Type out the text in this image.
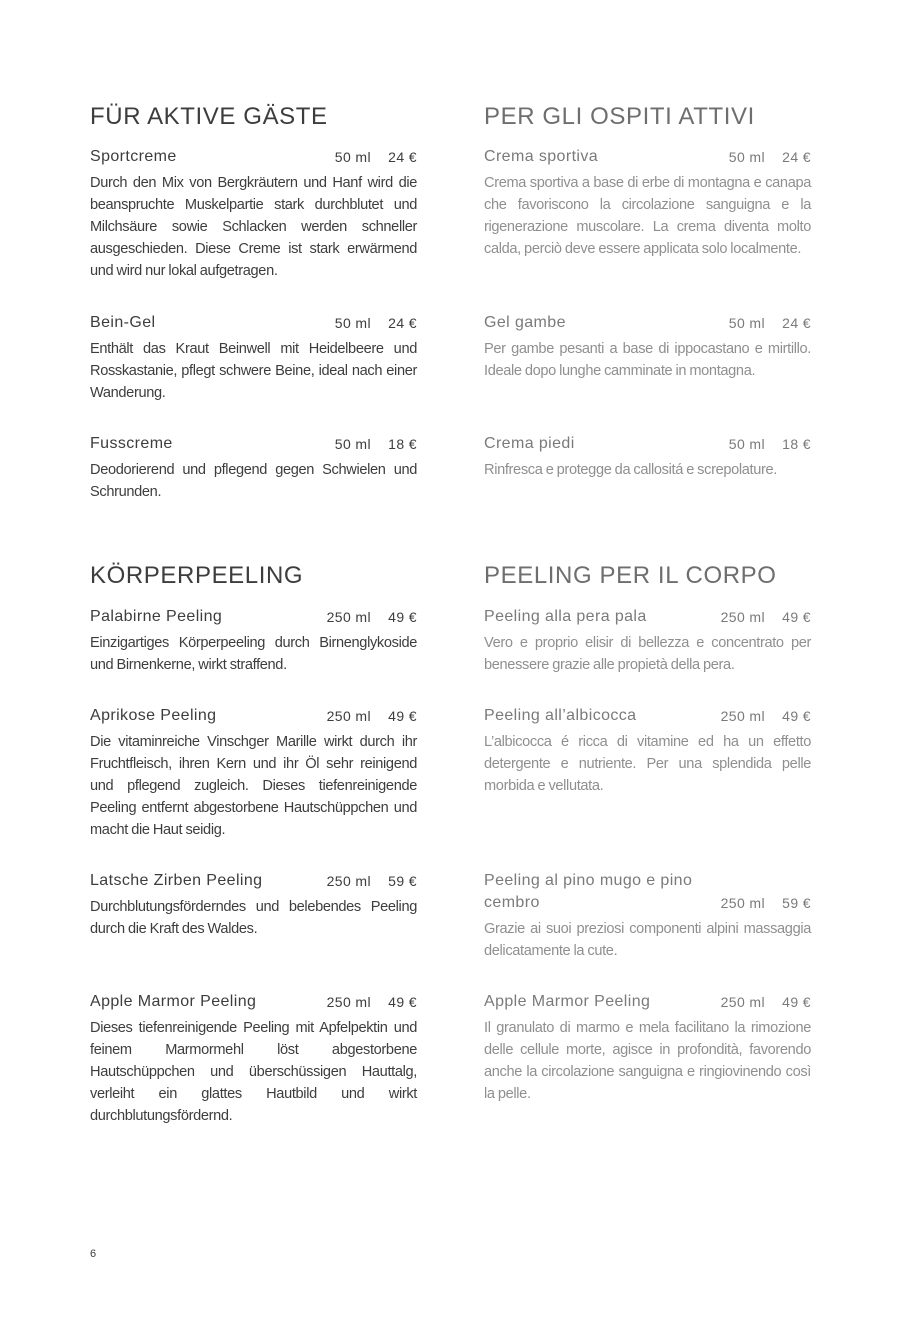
FÜR AKTIVE GÄSTE
Sportcreme	50 ml 24 €
Durch den Mix von Bergkräutern und Hanf wird die beanspruchte Muskelpartie stark durchblutet und Milchsäure sowie Schlacken werden schneller ausgeschieden. Diese Creme ist stark erwärmend und wird nur lokal aufgetragen.
Bein-Gel	50 ml 24 €
Enthält das Kraut Beinwell mit Heidelbeere und Rosskastanie, pflegt schwere Beine, ideal nach einer Wanderung.
Fusscreme	50 ml 18 €
Deodorierend und pflegend gegen Schwielen und Schrunden.
KÖRPERPEELING
Palabirne Peeling	250 ml 49 €
Einzigartiges Körperpeeling durch Birnenglykoside und Birnenkerne, wirkt straffend.
Aprikose Peeling	250 ml 49 €
Die vitaminreiche Vinschger Marille wirkt durch ihr Fruchtfleisch, ihren Kern und ihr Öl sehr reinigend und pflegend zugleich. Dieses tiefenreinigende Peeling entfernt abgestorbene Hautschüppchen und macht die Haut seidig.
Latsche Zirben Peeling	250 ml 59 €
Durchblutungsförderndes und belebendes Peeling durch die Kraft des Waldes.
Apple Marmor Peeling	250 ml 49 €
Dieses tiefenreinigende Peeling mit Apfelpektin und feinem Marmormehl löst abgestorbene Hautschüppchen und überschüssigen Hauttalg, verleiht ein glattes Hautbild und wirkt durchblutungsfördernd.
PER GLI OSPITI ATTIVI
Crema sportiva	50 ml 24 €
Crema sportiva a base di erbe di montagna e canapa che favoriscono la circolazione sanguigna e la rigenerazione muscolare. La crema diventa molto calda, perciò deve essere applicata solo localmente.
Gel gambe	50 ml 24 €
Per gambe pesanti a base di ippocastano e mirtillo. Ideale dopo lunghe camminate in montagna.
Crema piedi	50 ml 18 €
Rinfresca e protegge da callositá e screpolature.
PEELING PER IL CORPO
Peeling alla pera pala	250 ml 49 €
Vero e proprio elisir di bellezza e concentrato per benessere grazie alle propietà della pera.
Peeling all’albicocca	250 ml 49 €
L’albicocca é ricca di vitamine ed ha un effetto detergente e nutriente. Per una splendida pelle morbida e vellutata.
Peeling al pino mugo e pino cembro	250 ml 59 €
Grazie ai suoi preziosi componenti alpini massaggia delicatamente la cute.
Apple Marmor Peeling	250 ml 49 €
Il granulato di marmo e mela facilitano la rimozione delle cellule morte, agisce in profondità, favorendo anche la circolazione sanguigna e ringiovinendo così la pelle.
6
